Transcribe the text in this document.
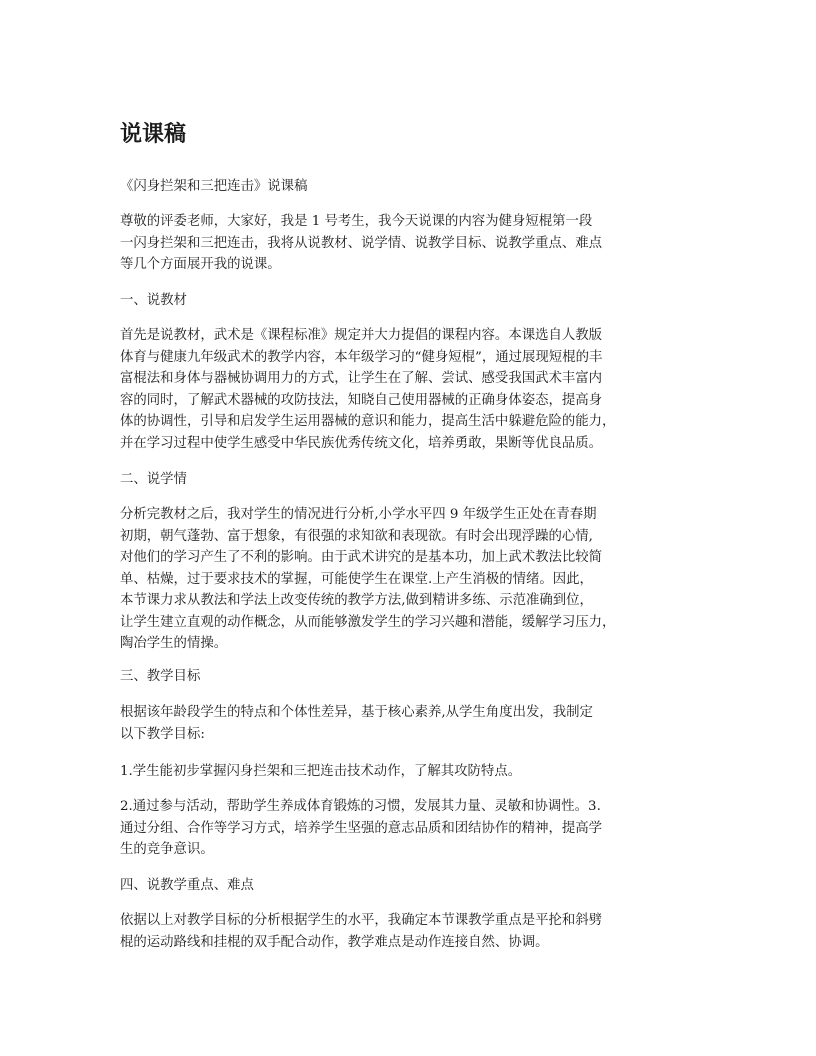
说课稿

《闪身拦架和三把连击》说课稿

尊敬的评委老师，大家好，我是 1 号考生，我今天说课的内容为健身短棍第一段
一闪身拦架和三把连击，我将从说教材、说学情、说教学目标、说教学重点、难点
等几个方面展开我的说课。

一、说教材

首先是说教材，武术是《课程标准》规定并大力提倡的课程内容。本课选自人教版
体育与健康九年级武术的教学内容，本年级学习的“健身短棍”，通过展现短棍的丰
富棍法和身体与器械协调用力的方式，让学生在了解、尝试、感受我国武术丰富内
容的同时，了解武术器械的攻防技法，知晓自己使用器械的正确身体姿态，提高身
体的协调性，引导和启发学生运用器械的意识和能力，提高生活中躲避危险的能力，
并在学习过程中使学生感受中华民族优秀传统文化，培养勇敢，果断等优良品质。

二、说学情

分析完教材之后，我对学生的情况进行分析,小学水平四 9 年级学生正处在青春期
初期，朝气蓬勃、富于想象，有很强的求知欲和表现欲。有时会出现浮躁的心情,
对他们的学习产生了不利的影响。由于武术讲究的是基本功，加上武术教法比较简
单、枯燥，过于要求技术的掌握，可能使学生在课堂.上产生消极的情绪。因此，
本节课力求从教法和学法上改变传统的教学方法,做到精讲多练、示范准确到位，
让学生建立直观的动作概念，从而能够激发学生的学习兴趣和潜能，缓解学习压力，
陶冶学生的情操。

三、教学目标

根据该年龄段学生的特点和个体性差异，基于核心素养,从学生角度出发，我制定
以下教学目标:

1.学生能初步掌握闪身拦架和三把连击技术动作，了解其攻防特点。

2.通过参与活动，帮助学生养成体育锻炼的习惯，发展其力量、灵敏和协调性。3.
通过分组、合作等学习方式，培养学生坚强的意志品质和团结协作的精神，提高学
生的竞争意识。

四、说教学重点、难点

依据以上对教学目标的分析根据学生的水平，我确定本节课教学重点是平抡和斜劈
棍的运动路线和挂棍的双手配合动作，教学难点是动作连接自然、协调。
